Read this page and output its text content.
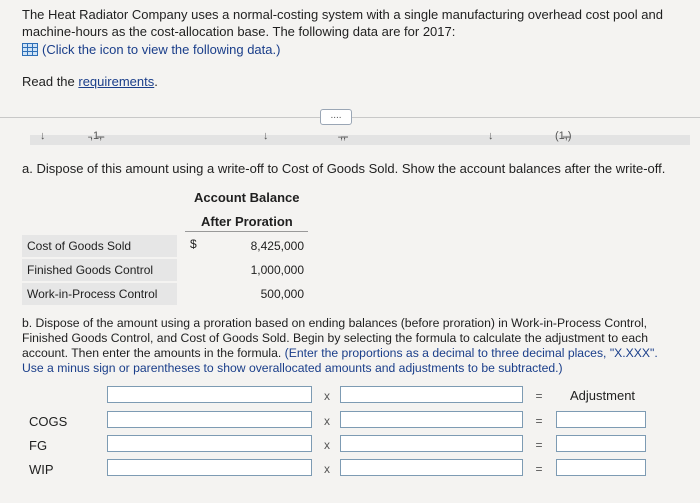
The Heat Radiator Company uses a normal-costing system with a single manufacturing overhead cost pool and machine-hours as the cost-allocation base. The following data are for 2017:
(Click the icon to view the following data.)
Read the requirements.
....
↓	̵,1̵̵̵,̵̵̵	↓	̵,̵̵̵,̵̵̵	↓	(1̵̵,̵̵̵)
a. Dispose of this amount using a write-off to Cost of Goods Sold. Show the account balances after the write-off.
Account Balance
After Proration
$
Cost of Goods Sold	8,425,000
Finished Goods Control	1,000,000
Work-in-Process Control	500,000
b. Dispose of the amount using a proration based on ending balances (before proration) in Work-in-Process Control, Finished Goods Control, and Cost of Goods Sold. Begin by selecting the formula to calculate the adjustment to each account. Then enter the amounts in the formula. (Enter the proportions as a decimal to three decimal places, "X.XXX". Use a minus sign or parentheses to show overallocated amounts and adjustments to be subtracted.)
Adjustment
x	=
COGS	x	=
FG	x	=
WIP	x	=
